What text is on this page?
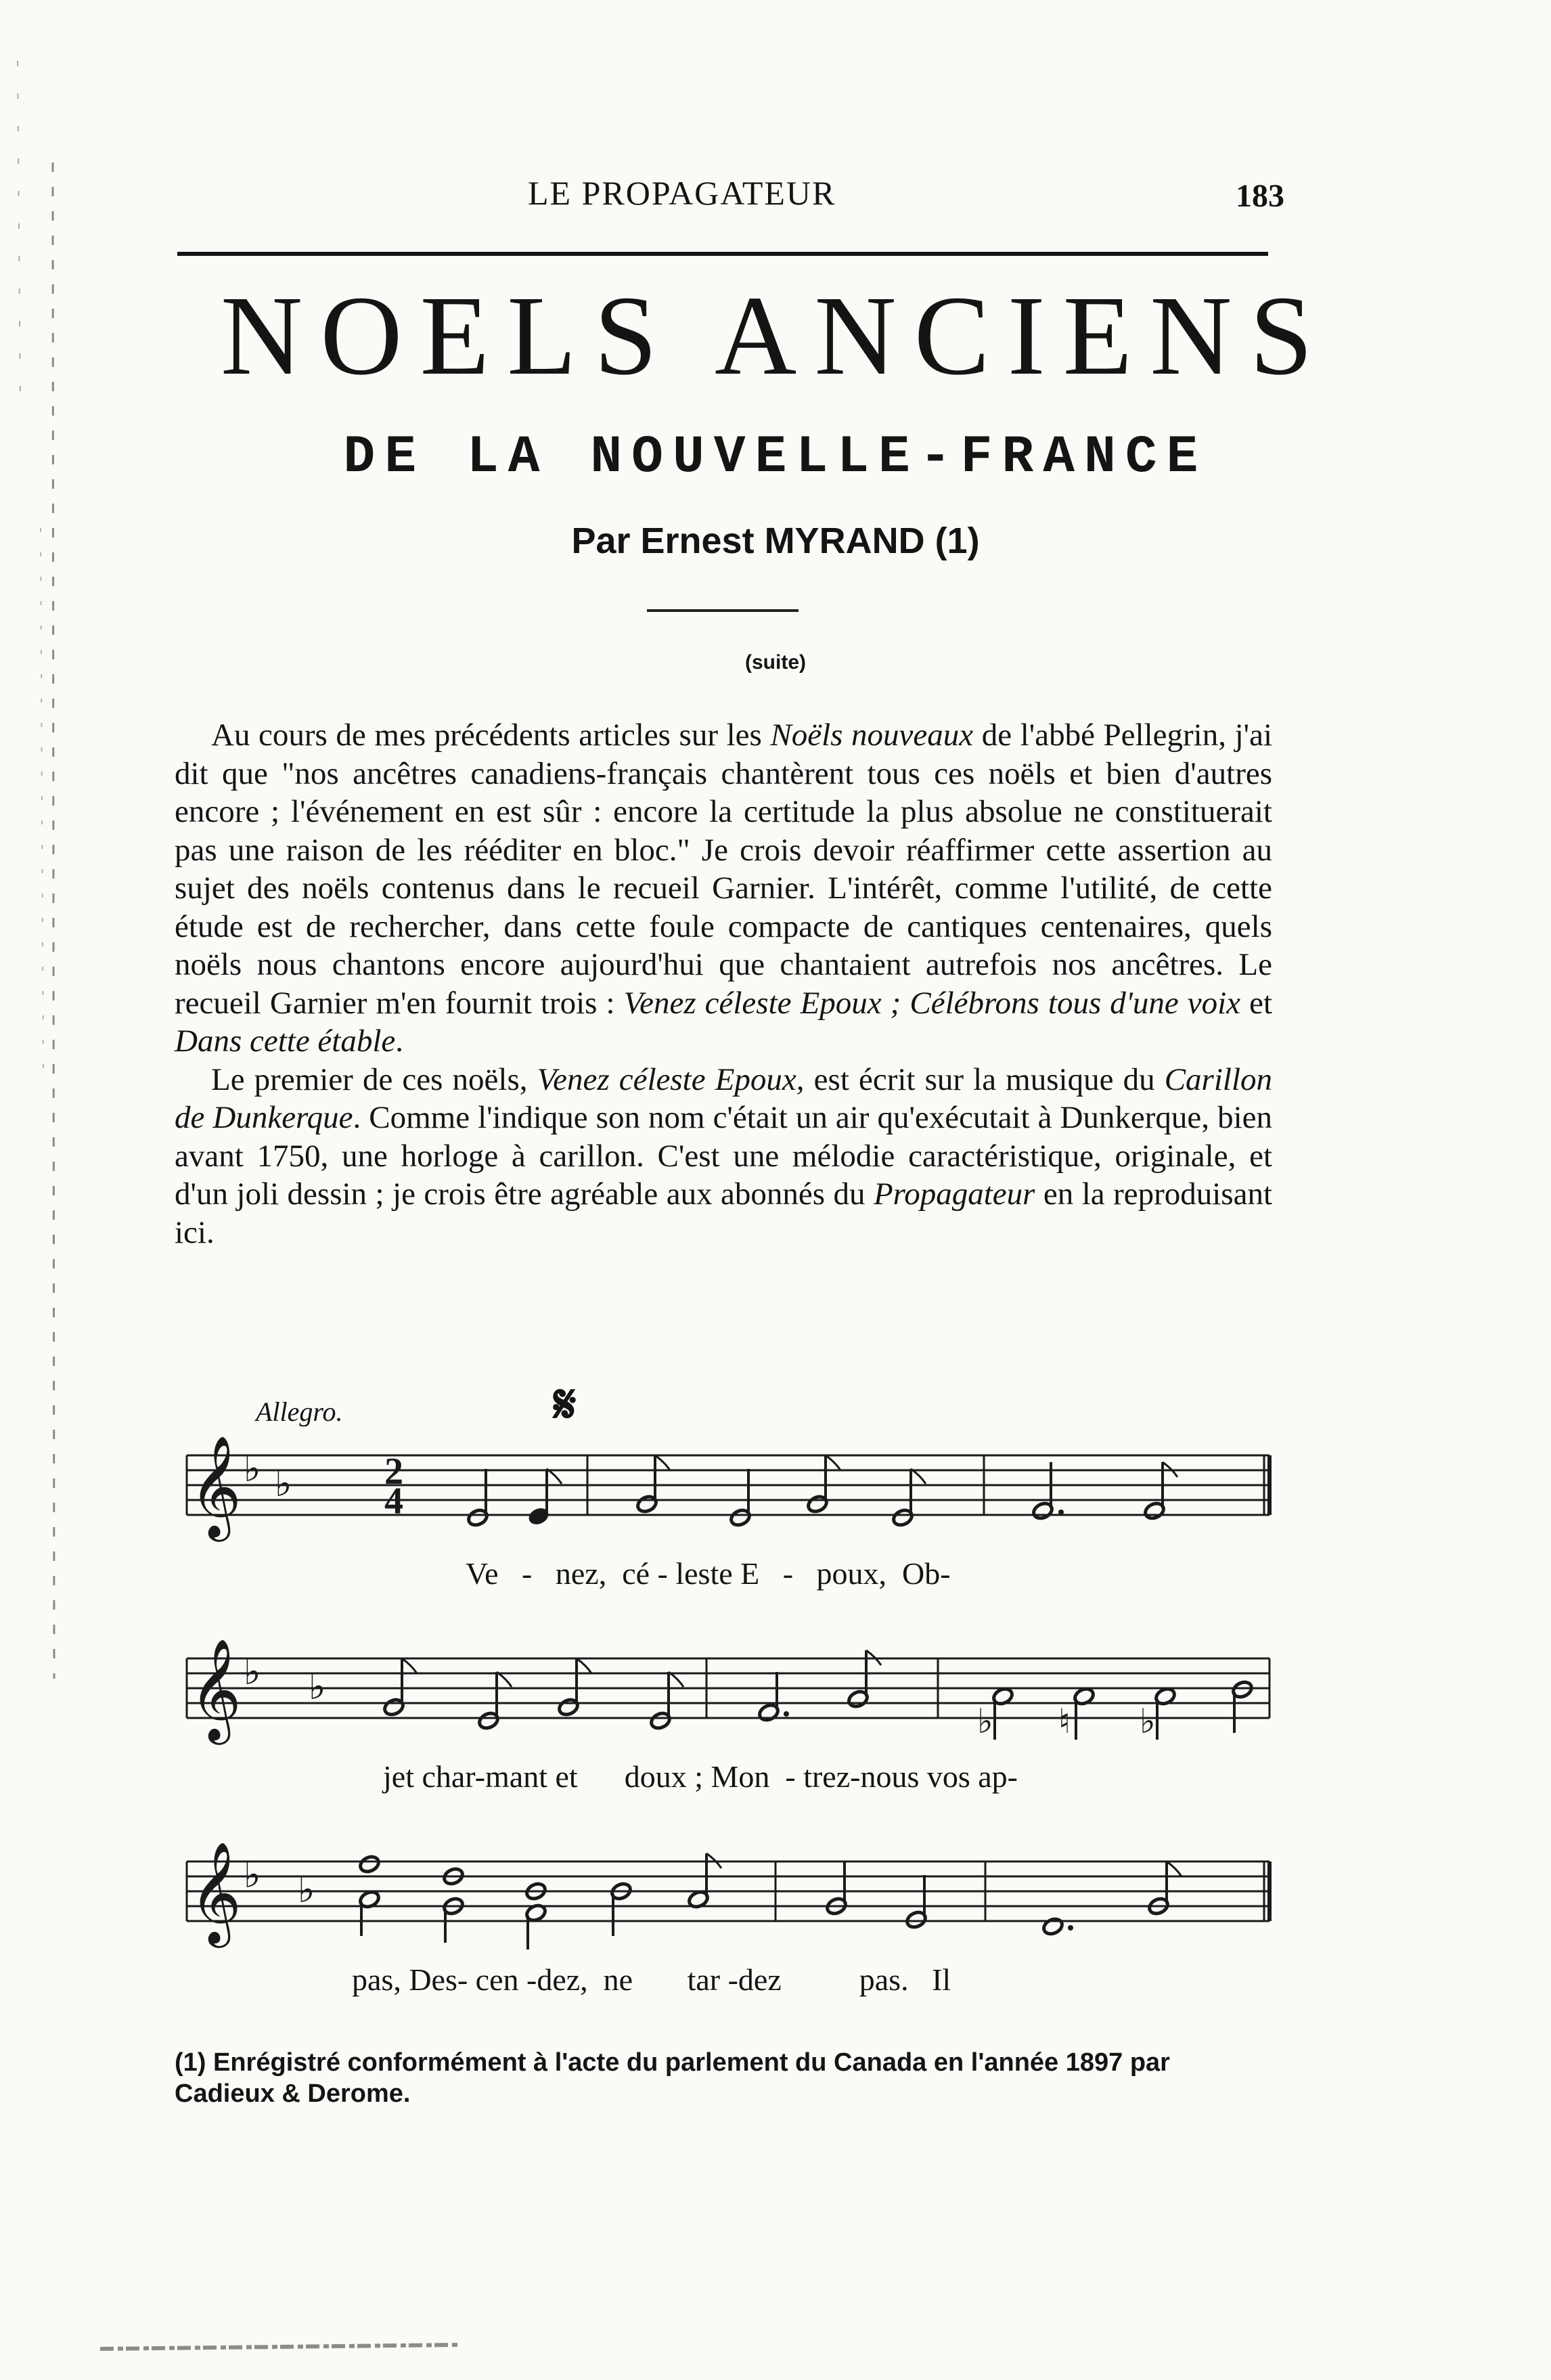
LE PROPAGATEUR	183
NOELS ANCIENS
DE LA NOUVELLE-FRANCE
Par Ernest MYRAND (1)
(suite)

Au cours de mes précédents articles sur les Noëls nouveaux de l'abbé Pellegrin, j'ai dit que "nos ancêtres canadiens-français chantèrent tous ces noëls et bien d'autres encore ; l'événement en est sûr : encore la certitude la plus absolue ne constituerait pas une raison de les rééditer en bloc." Je crois devoir réaffirmer cette assertion au sujet des noëls contenus dans le recueil Garnier. L'intérêt, comme l'utilité, de cette étude est de rechercher, dans cette foule compacte de cantiques centenaires, quels noëls nous chantons encore aujourd'hui que chantaient autrefois nos ancêtres. Le recueil Garnier m'en fournit trois : Venez céleste Epoux ; Célébrons tous d'une voix et Dans cette étable.

Le premier de ces noëls, Venez céleste Epoux, est écrit sur la musique du Carillon de Dunkerque. Comme l'indique son nom c'était un air qu'exécutait à Dunkerque, bien avant 1750, une horloge à carillon. C'est une mélodie caractéristique, originale, et d'un joli dessin ; je crois être agréable aux abonnés du Propagateur en la reproduisant ici.

Allegro.	𝄋
𝄞 ♭ ♭ 2
4
Ve   -   nez,  cé - leste E   -   poux,  Ob-
𝄞 ♭ ♭
♭ ♮ ♭
jet char-mant et      doux ; Mon  - trez-nous vos ap-
𝄞 ♭ ♭
pas, Des- cen -dez,  ne       tar -dez          pas.   Il
(1) Enrégistré conformément à l'acte du parlement du Canada en l'année 1897 par Cadieux & Derome.
